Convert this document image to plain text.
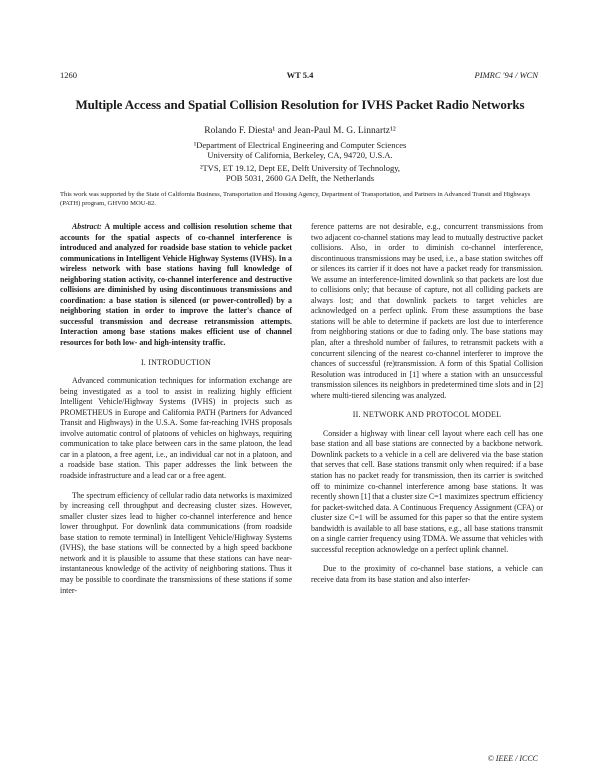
1260	WT 5.4	PIMRC '94 / WCN
Multiple Access and Spatial Collision Resolution for IVHS Packet Radio Networks
Rolando F. Diesta¹ and Jean-Paul M. G. Linnartz¹²
¹Department of Electrical Engineering and Computer Sciences
University of California, Berkeley, CA, 94720, U.S.A.
²TVS, ET 19.12, Dept EE, Delft University of Technology,
POB 5031, 2600 GA Delft, the Netherlands
This work was supported by the State of California Business, Transportation and Housing Agency, Department of Transportation, and Partners in Advanced Transit and Highways (PATH) program, GHV00 MOU-82.

Abstract: A multiple access and collision resolution scheme that accounts for the spatial aspects of co-channel interference is introduced and analyzed for roadside base station to vehicle packet communications in Intelligent Vehicle Highway Systems (IVHS). In a wireless network with base stations having full knowledge of neighboring station activity, co-channel interference and destructive collisions are diminished by using discontinuous transmissions and coordination: a base station is silenced (or power-controlled) by a neighboring station in order to improve the latter's chance of successful transmission and decrease retransmission attempts. Interaction among base stations makes efficient use of channel resources for both low- and high-intensity traffic.

I. INTRODUCTION

Advanced communication techniques for information exchange are being investigated as a tool to assist in realizing highly efficient Intelligent Vehicle/Highway Systems (IVHS) in projects such as PROMETHEUS in Europe and California PATH (Partners for Advanced Transit and Highways) in the U.S.A. Some far-reaching IVHS proposals involve automatic control of platoons of vehicles on highways, requiring communication to take place between cars in the same platoon, the lead car in a platoon, a free agent, i.e., an individual car not in a platoon, and a roadside base station. This paper addresses the link between the roadside infrastructure and a lead car or a free agent.

The spectrum efficiency of cellular radio data networks is maximized by increasing cell throughput and decreasing cluster sizes. However, smaller cluster sizes lead to higher co-channel interference and hence lower throughput. For downlink data communications (from roadside base station to remote terminal) in Intelligent Vehicle/Highway Systems (IVHS), the base stations will be connected by a high speed backbone network and it is plausible to assume that these stations can have near-instantaneous knowledge of the activity of neighboring stations. Thus it may be possible to coordinate the transmissions of these stations if some inter-

ference patterns are not desirable, e.g., concurrent transmissions from two adjacent co-channel stations may lead to mutually destructive packet collisions. Also, in order to diminish co-channel interference, discontinuous transmissions may be used, i.e., a base station switches off or silences its carrier if it does not have a packet ready for transmission. We assume an interference-limited downlink so that packets are lost due to collisions only; that because of capture, not all colliding packets are always lost; and that downlink packets to target vehicles are acknowledged on a perfect uplink. From these assumptions the base stations will be able to determine if packets are lost due to interference from neighboring stations or due to fading only. The base stations may plan, after a threshold number of failures, to retransmit packets with a concurrent silencing of the nearest co-channel interferer to improve the chances of successful (re)transmission. A form of this Spatial Collision Resolution was introduced in [1] where a station with an unsuccessful transmission silences its neighbors in predetermined time slots and in [2] where multi-tiered silencing was analyzed.

II. NETWORK AND PROTOCOL MODEL

Consider a highway with linear cell layout where each cell has one base station and all base stations are connected by a backbone network. Downlink packets to a vehicle in a cell are delivered via the base station that serves that cell. Base stations transmit only when required: if a base station has no packet ready for transmission, then its carrier is switched off to minimize co-channel interference among base stations. It was recently shown [1] that a cluster size C=1 maximizes spectrum efficiency for packet-switched data. A Continuous Frequency Assignment (CFA) or cluster size C=1 will be assumed for this paper so that the entire system bandwidth is available to all base stations, e.g., all base stations transmit on a single carrier frequency using TDMA. We assume that vehicles with successful reception acknowledge on a perfect uplink channel.

Due to the proximity of co-channel base stations, a vehicle can receive data from its base station and also interfer-

© IEEE / ICCC
